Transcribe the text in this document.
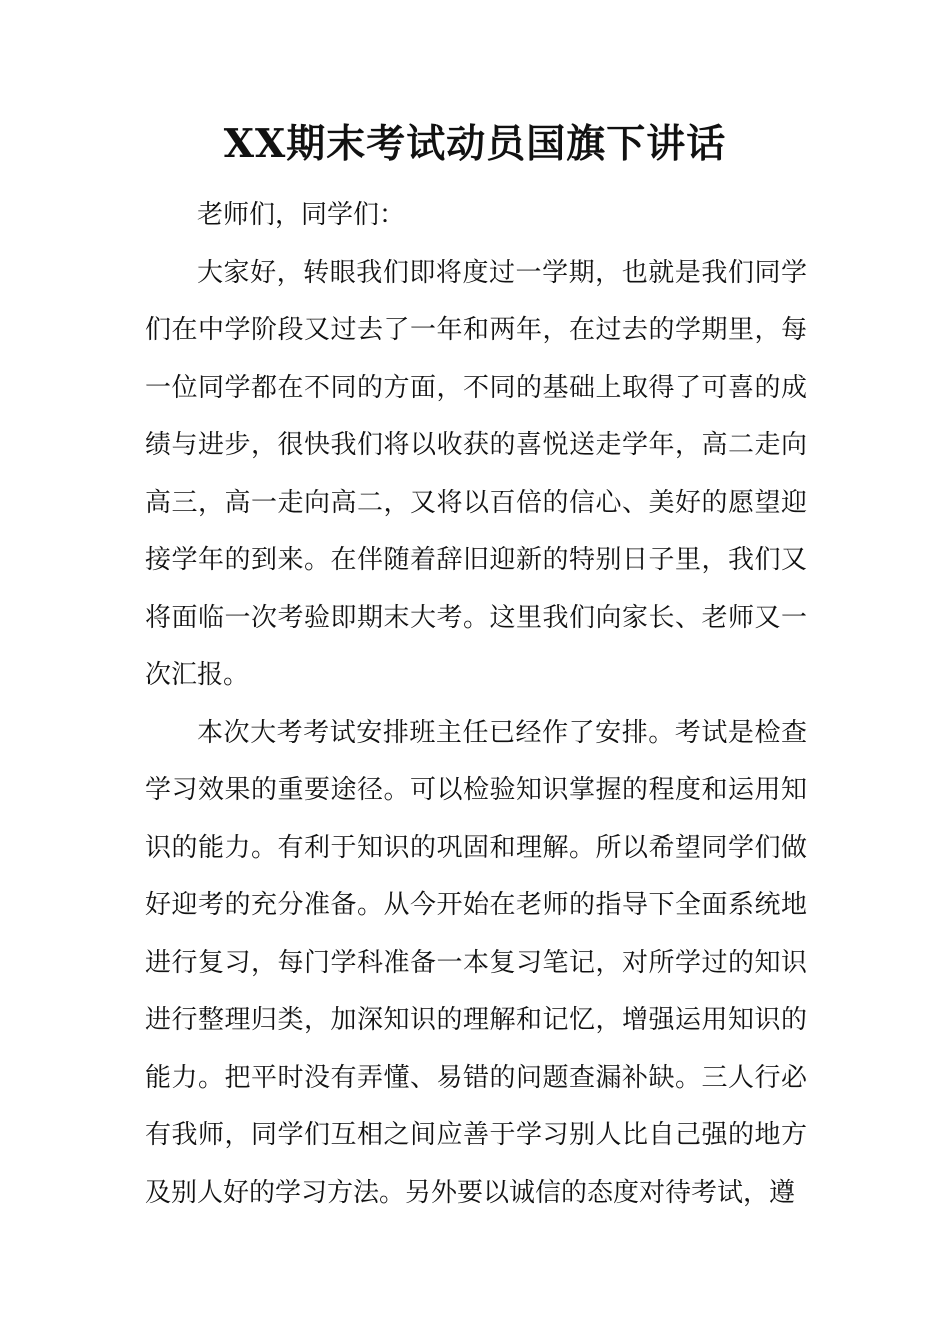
XX期末考试动员国旗下讲话

老师们，同学们：

大家好，转眼我们即将度过一学期，也就是我们同学们在中学阶段又过去了一年和两年，在过去的学期里，每一位同学都在不同的方面，不同的基础上取得了可喜的成绩与进步，很快我们将以收获的喜悦送走学年，高二走向高三，高一走向高二，又将以百倍的信心、美好的愿望迎接学年的到来。在伴随着辞旧迎新的特别日子里，我们又将面临一次考验即期末大考。这里我们向家长、老师又一次汇报。

本次大考考试安排班主任已经作了安排。考试是检查学习效果的重要途径。可以检验知识掌握的程度和运用知识的能力。有利于知识的巩固和理解。所以希望同学们做好迎考的充分准备。从今开始在老师的指导下全面系统地进行复习，每门学科准备一本复习笔记，对所学过的知识进行整理归类，加深知识的理解和记忆，增强运用知识的能力。把平时没有弄懂、易错的问题查漏补缺。三人行必有我师，同学们互相之间应善于学习别人比自己强的地方及别人好的学习方法。另外要以诚信的态度对待考试，遵
